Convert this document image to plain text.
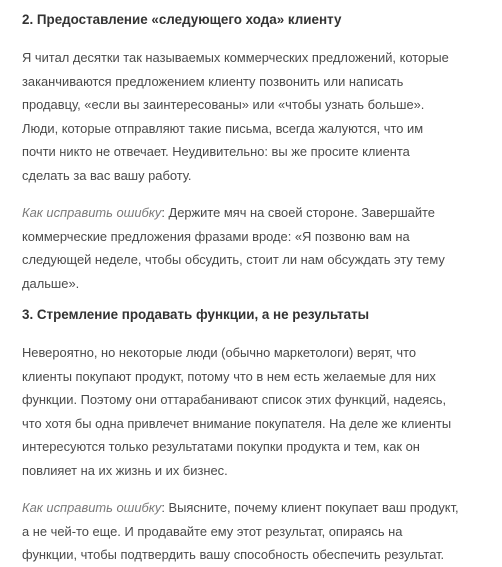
2. Предоставление «следующего хода» клиенту

Я читал десятки так называемых коммерческих предложений, которые
заканчиваются предложением клиенту позвонить или написать
продавцу, «если вы заинтересованы» или «чтобы узнать больше».
Люди, которые отправляют такие письма, всегда жалуются, что им
почти никто не отвечает. Неудивительно: вы же просите клиента
сделать за вас вашу работу.

Как исправить ошибку: Держите мяч на своей стороне. Завершайте
коммерческие предложения фразами вроде: «Я позвоню вам на
следующей неделе, чтобы обсудить, стоит ли нам обсуждать эту тему
дальше».

3. Стремление продавать функции, а не результаты

Невероятно, но некоторые люди (обычно маркетологи) верят, что
клиенты покупают продукт, потому что в нем есть желаемые для них
функции. Поэтому они оттарабанивают список этих функций, надеясь,
что хотя бы одна привлечет внимание покупателя. На деле же клиенты
интересуются только результатами покупки продукта и тем, как он
повлияет на их жизнь и их бизнес.

Как исправить ошибку: Выясните, почему клиент покупает ваш продукт,
а не чей-то еще. И продавайте ему этот результат, опираясь на
функции, чтобы подтвердить вашу способность обеспечить результат.
